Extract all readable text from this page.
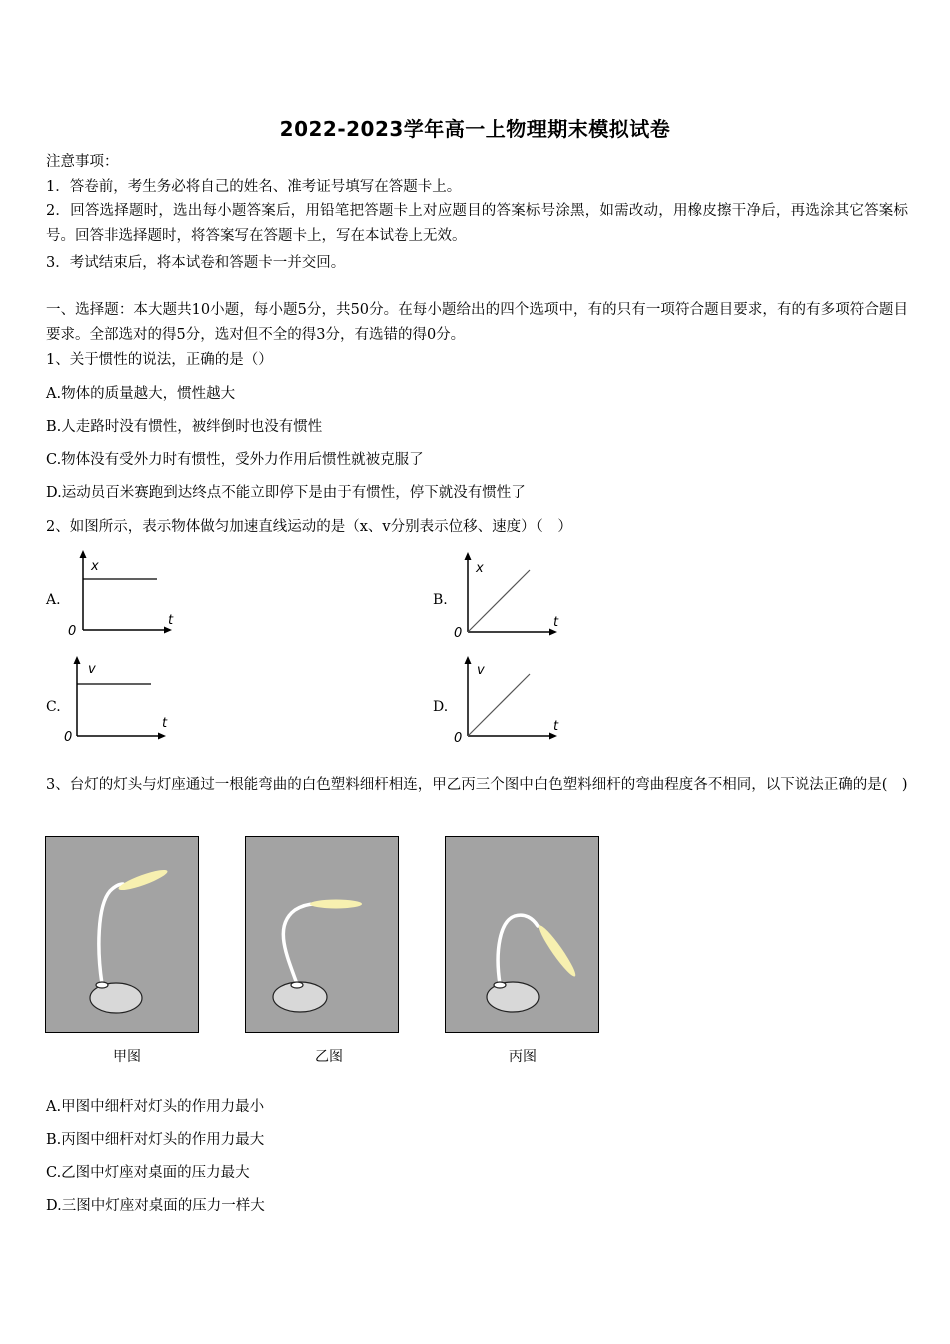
2022-2023学年高一上物理期末模拟试卷
注意事项：
1．答卷前，考生务必将自己的姓名、准考证号填写在答题卡上。
2．回答选择题时，选出每小题答案后，用铅笔把答题卡上对应题目的答案标号涂黑，如需改动，用橡皮擦干净后，再选涂其它答案标号。回答非选择题时，将答案写在答题卡上，写在本试卷上无效。
3．考试结束后，将本试卷和答题卡一并交回。
一、选择题：本大题共10小题，每小题5分，共50分。在每小题给出的四个选项中，有的只有一项符合题目要求，有的有多项符合题目要求。全部选对的得5分，选对但不全的得3分，有选错的得0分。
1、关于惯性的说法，正确的是（）
A.物体的质量越大，惯性越大
B.人走路时没有惯性，被绊倒时也没有惯性
C.物体没有受外力时有惯性，受外力作用后惯性就被克服了
D.运动员百米赛跑到达终点不能立即停下是由于有惯性，停下就没有惯性了
2、如图所示，表示物体做匀加速直线运动的是（x、v分别表示位移、速度）（　）
A.
x
t
0
B.
x
t
0
C.
v
t
0
D.
v
t
0
3、台灯的灯头与灯座通过一根能弯曲的白色塑料细杆相连，甲乙丙三个图中白色塑料细杆的弯曲程度各不相同，以下说法正确的是(　)
甲图	乙图	丙图
A.甲图中细杆对灯头的作用力最小
B.丙图中细杆对灯头的作用力最大
C.乙图中灯座对桌面的压力最大
D.三图中灯座对桌面的压力一样大
